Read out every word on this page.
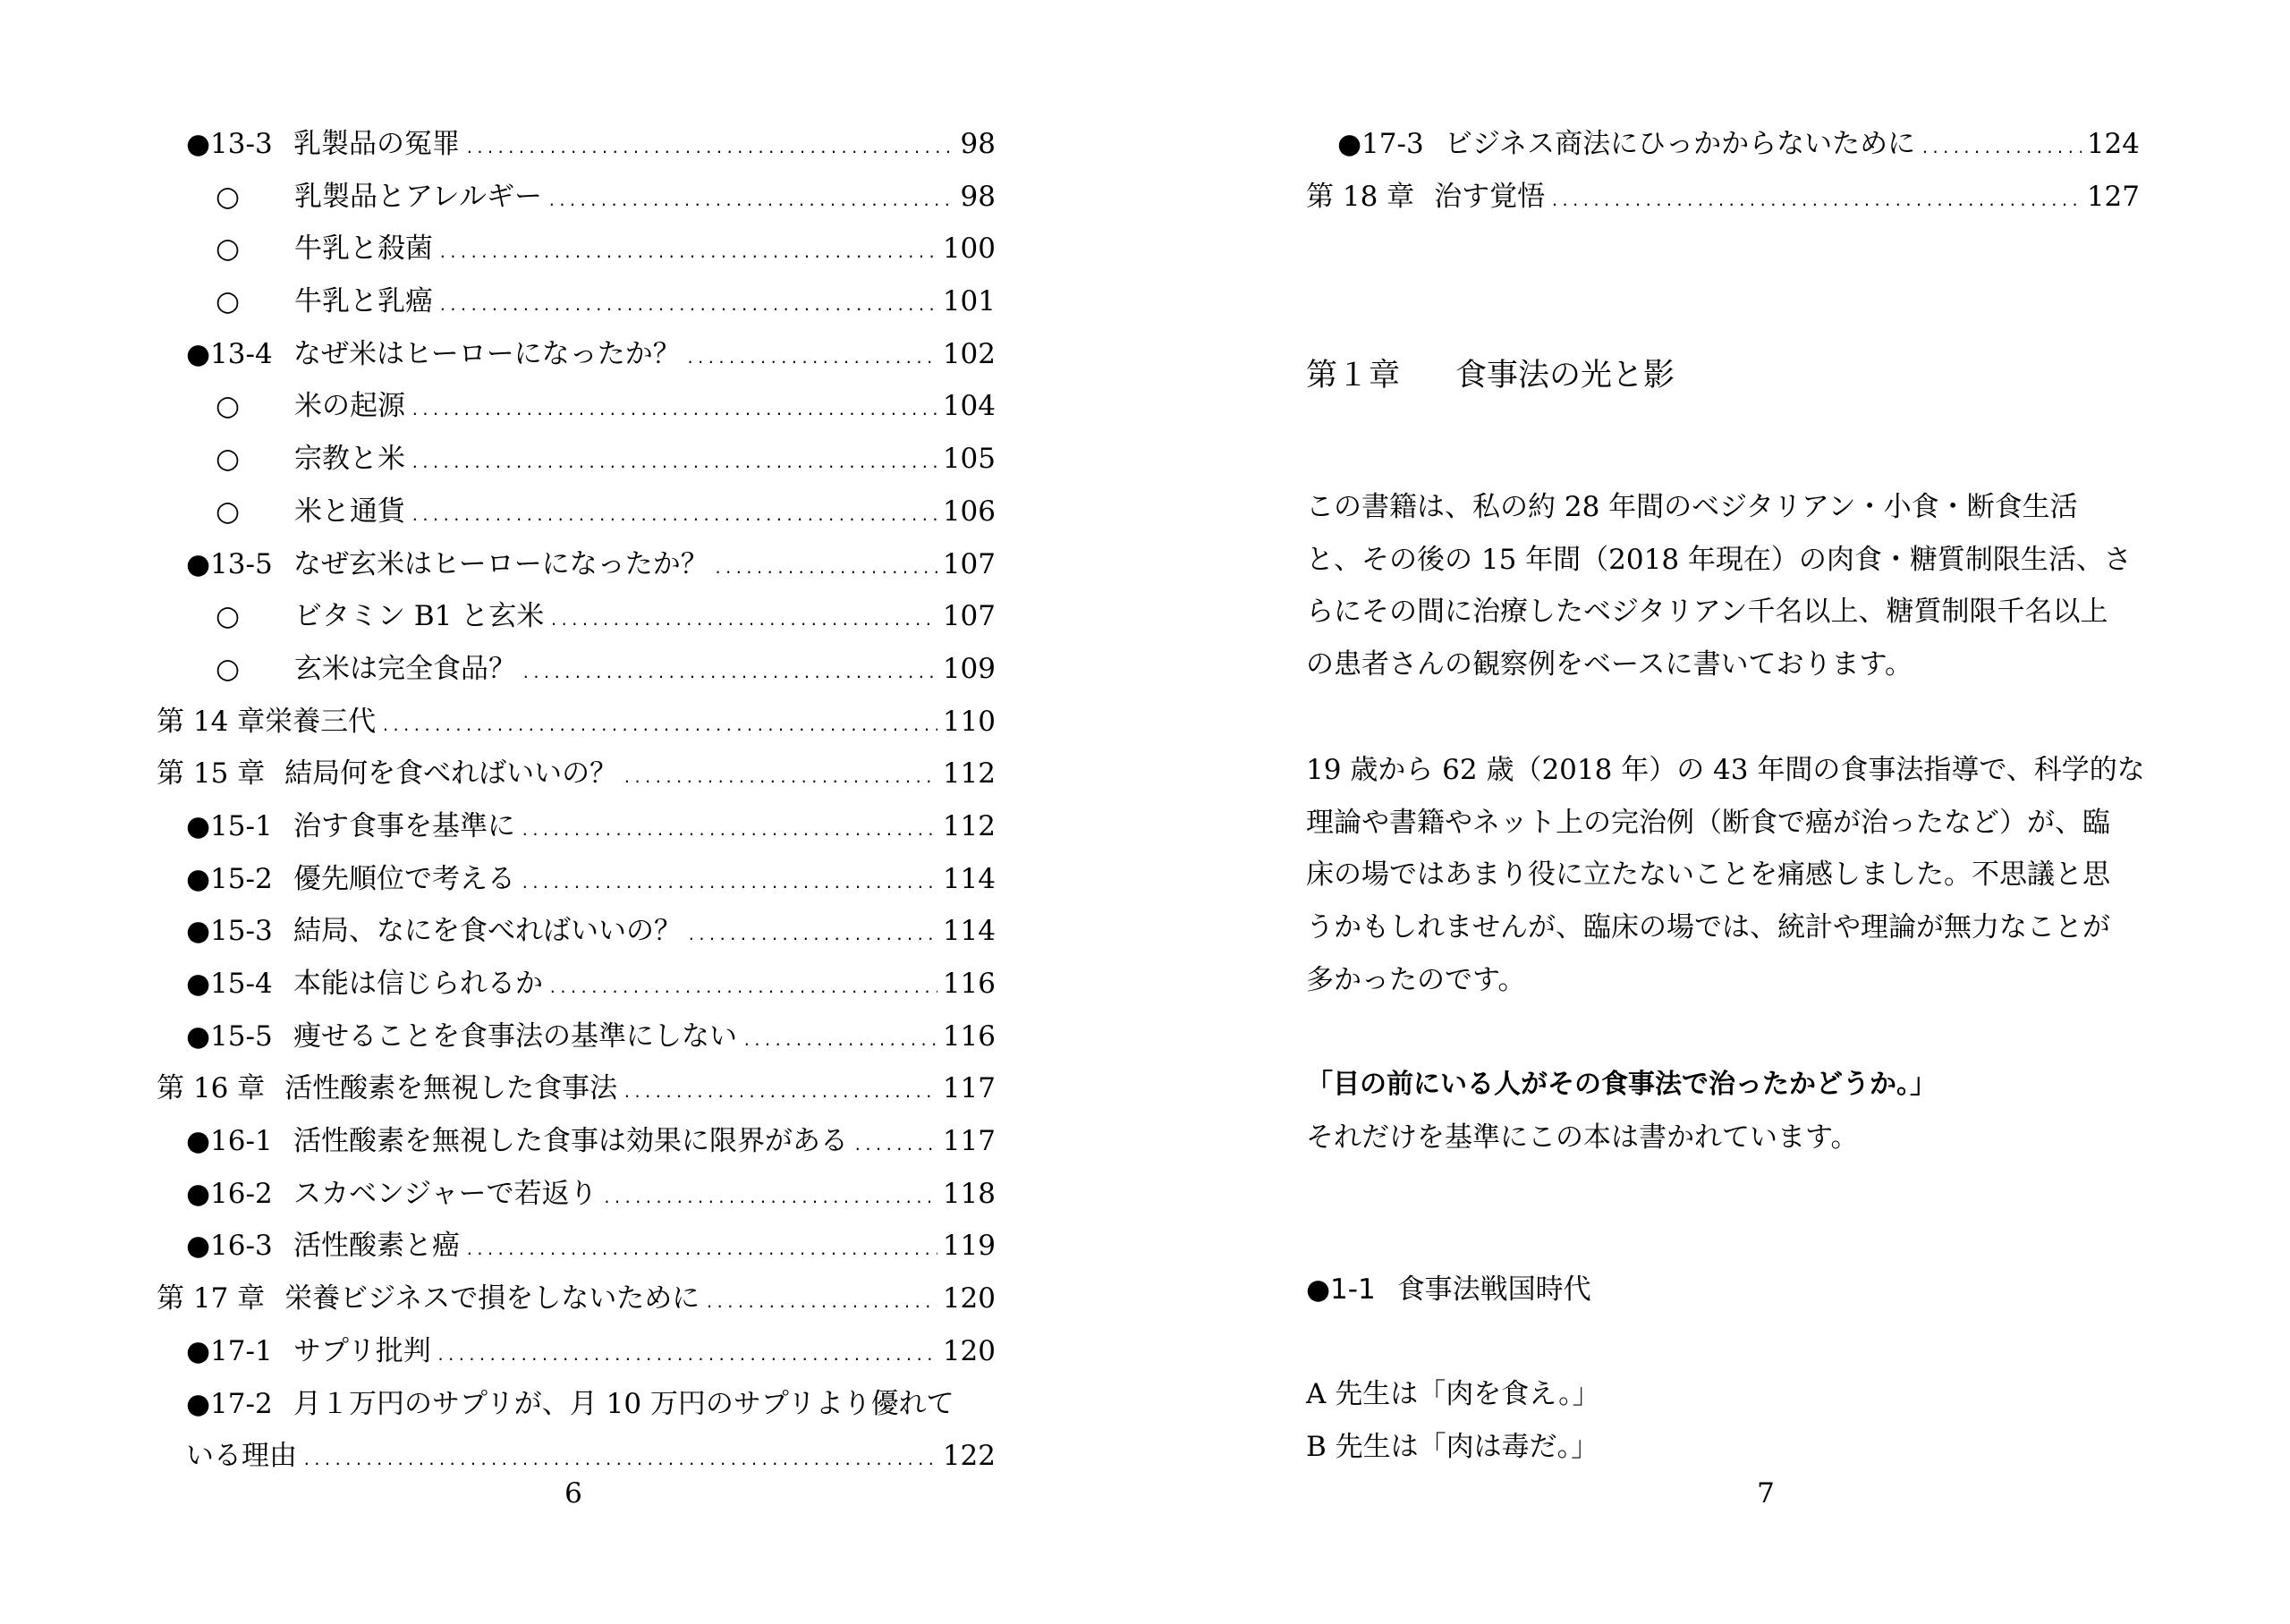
●13-3 乳製品の冤罪 .....	98
○	乳製品とアレルギー .....	98
○	牛乳と殺菌 .....	100
○	牛乳と乳癌 .....	101
●13-4 なぜ米はヒーローになったか？ .....	102
○	米の起源 .....	104
○	宗教と米 .....	105
○	米と通貨 .....	106
●13-5 なぜ玄米はヒーローになったか？ .....	107
○	ビタミン B1 と玄米 .....	107
○	玄米は完全食品？ .....	109
第 14 章栄養三代 .....	110
第 15 章 結局何を食べればいいの？ .....	112
●15-1 治す食事を基準に .....	112
●15-2 優先順位で考える .....	114
●15-3 結局、なにを食べればいいの？ .....	114
●15-4 本能は信じられるか .....	116
●15-5 痩せることを食事法の基準にしない .....	116
第 16 章 活性酸素を無視した食事法 .....	117
●16-1 活性酸素を無視した食事は効果に限界がある .....	117
●16-2 スカベンジャーで若返り .....	118
●16-3 活性酸素と癌 .....	119
第 17 章 栄養ビジネスで損をしないために .....	120
●17-1 サプリ批判 .....	120
●17-2 月１万円のサプリが、月 10 万円のサプリより優れて
いる理由 .....	122
6
●17-3 ビジネス商法にひっかからないために .....	124
第 18 章 治す覚悟 .....	127
第１章 食事法の光と影
この書籍は、私の約 28 年間のベジタリアン・小食・断食生活
と、その後の 15 年間（2018 年現在）の肉食・糖質制限生活、さ
らにその間に治療したベジタリアン千名以上、糖質制限千名以上
の患者さんの観察例をベースに書いております。
19 歳から 62 歳（2018 年）の 43 年間の食事法指導で、科学的な
理論や書籍やネット上の完治例（断食で癌が治ったなど）が、臨
床の場ではあまり役に立たないことを痛感しました。不思議と思
うかもしれませんが、臨床の場では、統計や理論が無力なことが
多かったのです。
「目の前にいる人がその食事法で治ったかどうか。」
それだけを基準にこの本は書かれています。
●1-1 食事法戦国時代
A 先生は「肉を食え。」
B 先生は「肉は毒だ。」
7
